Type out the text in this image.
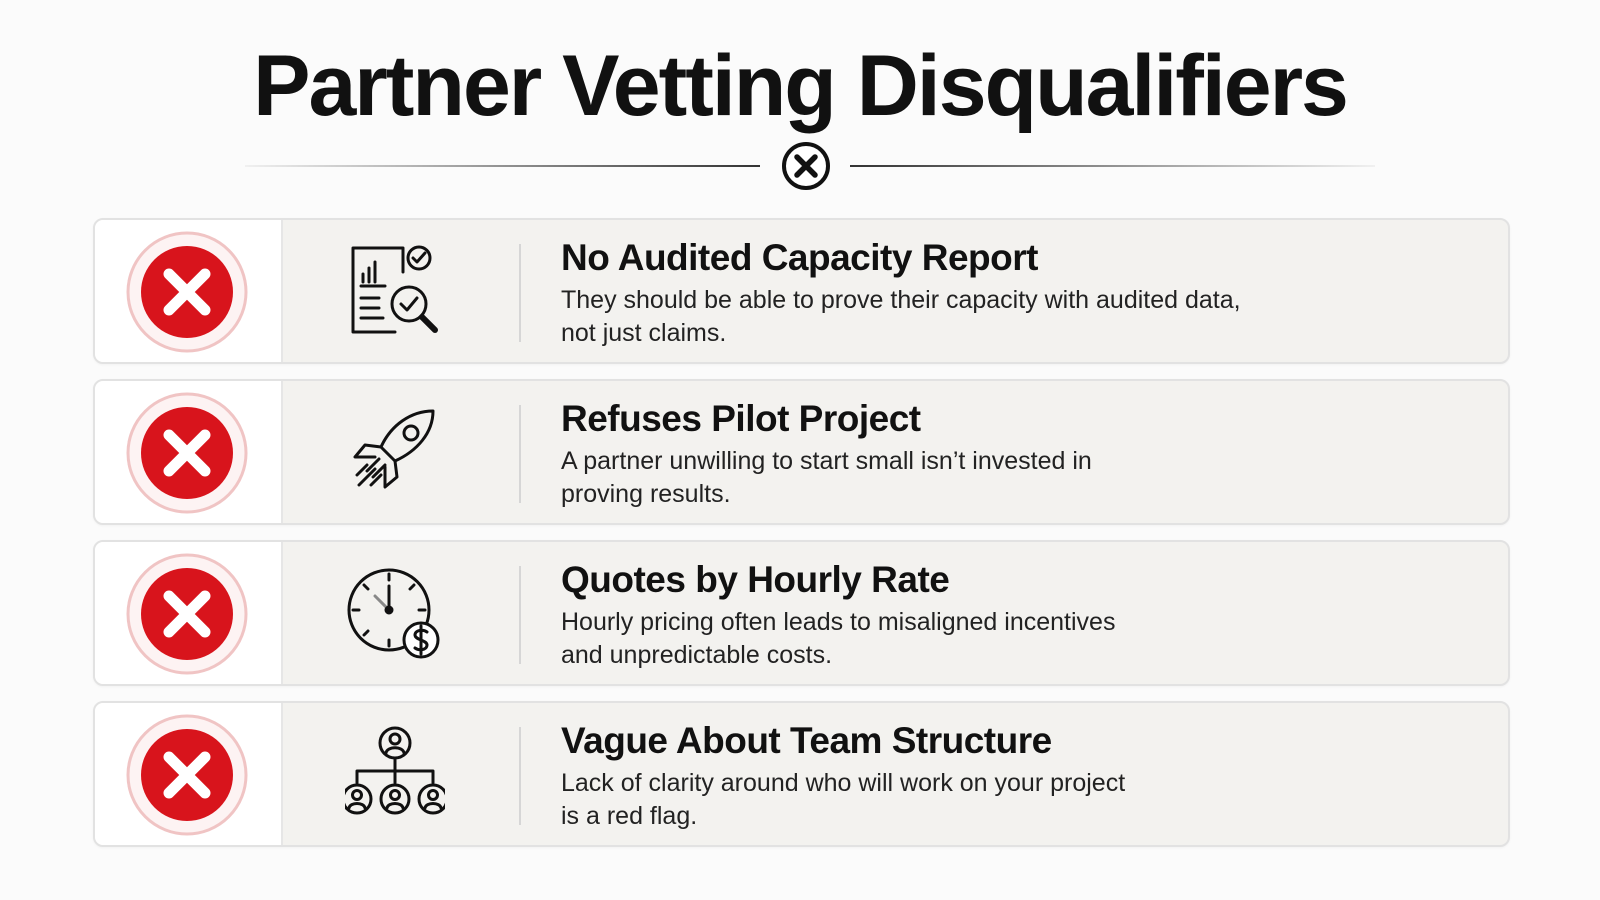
Partner Vetting Disqualifiers
No Audited Capacity Report
They should be able to prove their capacity with audited data,
not just claims.
Refuses Pilot Project
A partner unwilling to start small isn’t invested in
proving results.
Quotes by Hourly Rate
Hourly pricing often leads to misaligned incentives
and unpredictable costs.
Vague About Team Structure
Lack of clarity around who will work on your project
is a red flag.
